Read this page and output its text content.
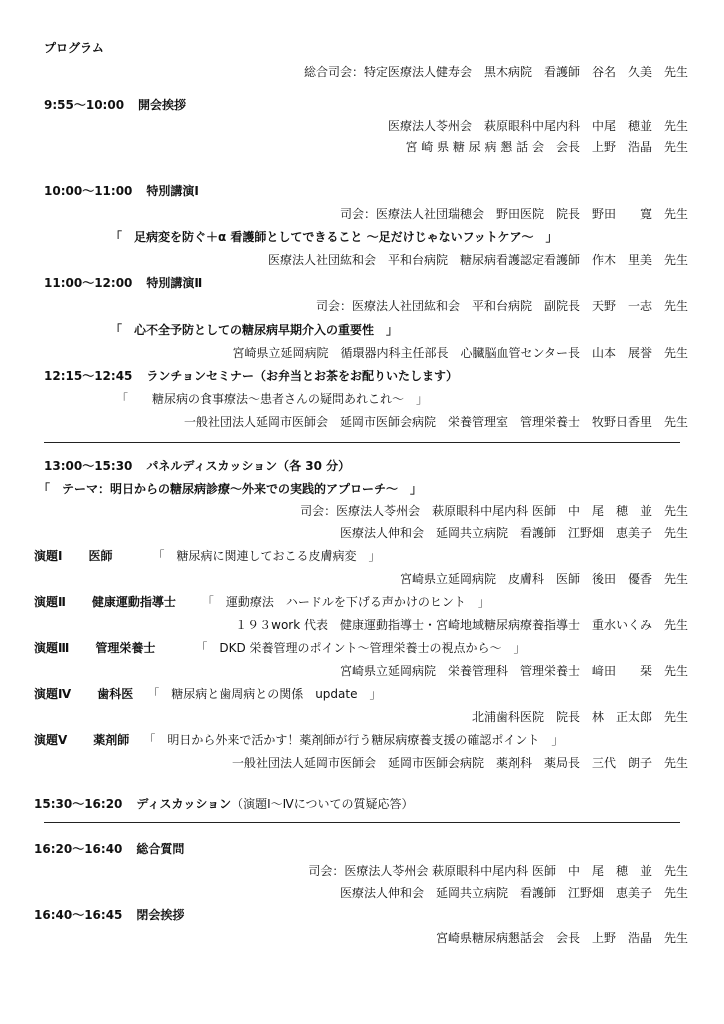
プログラム
総合司会：特定医療法人健寿会　黒木病院　看護師　谷名　久美　先生
9:55～10:00 開会挨拶
医療法人苓州会　萩原眼科中尾内科　中尾　穂並　先生
宮 崎 県 糖 尿 病 懇 話 会　会長　上野　浩晶　先生
10:00～11:00 特別講演Ⅰ
司会：医療法人社団瑞穂会　野田医院　院長　野田　　寛　先生
「　足病変を防ぐ＋α 看護師としてできること ～足だけじゃないフットケア～　」
医療法人社団紘和会　平和台病院　糖尿病看護認定看護師　作木　里美　先生
11:00～12:00 特別講演Ⅱ
司会：医療法人社団紘和会　平和台病院　副院長　天野　一志　先生
「　心不全予防としての糖尿病早期介入の重要性　」
宮崎県立延岡病院　循環器内科主任部長　心臓脳血管センター長　山本　展誉　先生
12:15～12:45 ランチョンセミナー（お弁当とお茶をお配りいたします）
「　　糖尿病の食事療法～患者さんの疑問あれこれ～　」
一般社団法人延岡市医師会　延岡市医師会病院　栄養管理室　管理栄養士　牧野日香里　先生
13:00～15:30 パネルディスカッション（各 30 分）
「　テーマ：明日からの糖尿病診療～外来での実践的アプローチ～　」
司会：医療法人苓州会　萩原眼科中尾内科 医師　中　尾　穂　並　先生
医療法人伸和会　延岡共立病院　看護師　江野畑　恵美子　先生
演題Ⅰ 医師	「　糖尿病に関連しておこる皮膚病変　」
宮崎県立延岡病院　皮膚科　医師　後田　優香　先生
演題Ⅱ 健康運動指導士 「　運動療法　ハードルを下げる声かけのヒント　」
１９３work 代表　健康運動指導士・宮崎地域糖尿病療養指導士　重水いくみ　先生
演題Ⅲ 管理栄養士	「　DKD 栄養管理のポイント～管理栄養士の視点から～　」
宮崎県立延岡病院　栄養管理科　管理栄養士　﨑田　　栞　先生
演題Ⅳ 歯科医 「　糖尿病と歯周病との関係　update　」
北浦歯科医院　院長　林　正太郎　先生
演題Ⅴ 薬剤師 「　明日から外来で活かす！薬剤師が行う糖尿病療養支援の確認ポイント　」
一般社団法人延岡市医師会　延岡市医師会病院　薬剤科　薬局長　三代　朗子　先生
15:30～16:20 ディスカッション（演題Ⅰ～Ⅳについての質疑応答）
16:20～16:40 総合質問
司会：医療法人苓州会 萩原眼科中尾内科 医師　中　尾　穂　並　先生
医療法人伸和会　延岡共立病院　看護師　江野畑　恵美子　先生
16:40～16:45 閉会挨拶
宮崎県糖尿病懇話会　会長　上野　浩晶　先生
